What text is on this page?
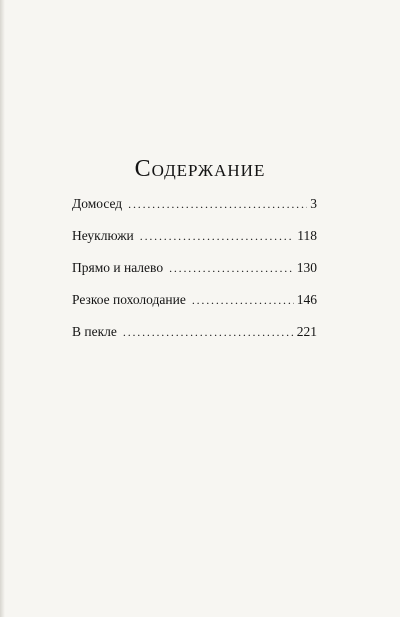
Содержание
Домосед . . .	3
Неуклюжи . . .	118
Прямо и налево . . .	130
Резкое похолодание . . .	146
В пекле . . .	221
